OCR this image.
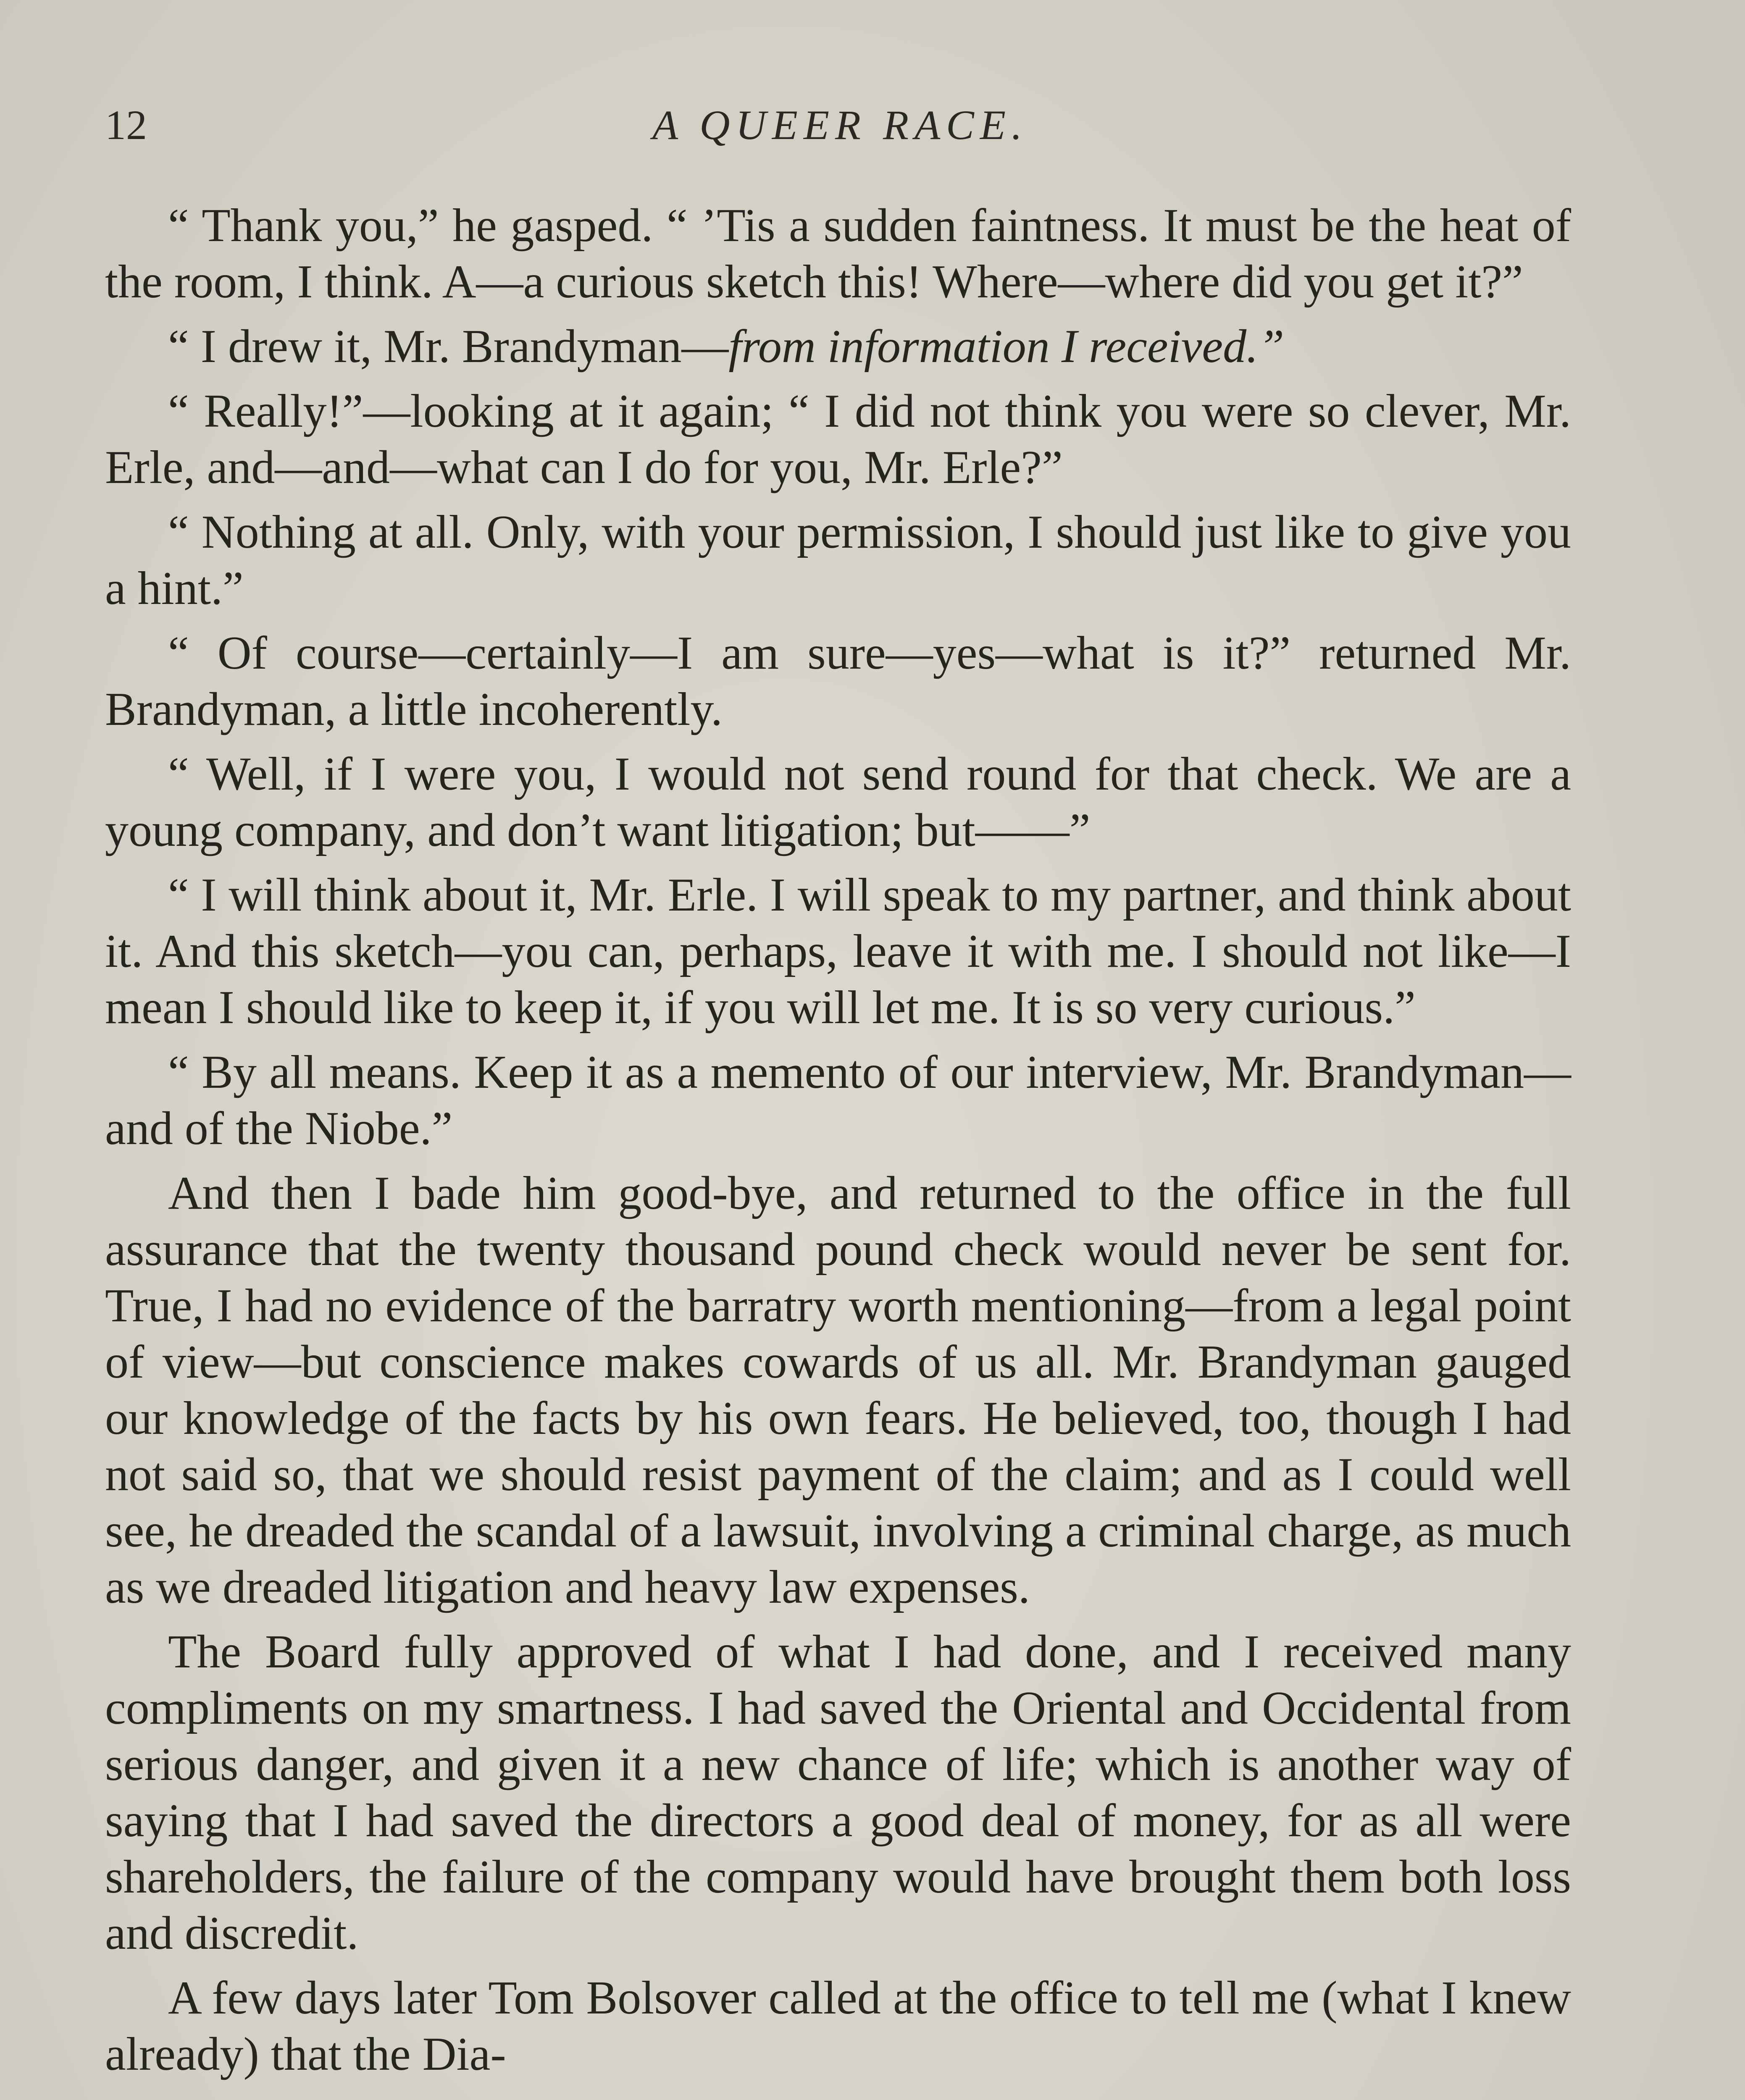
12	A QUEER RACE.

“ Thank you,” he gasped. “ ’Tis a sudden faintness. It must be the heat of the room, I think. A—a curious sketch this! Where—where did you get it?”

“ I drew it, Mr. Brandyman—from information I received.”

“ Really!”—looking at it again; “ I did not think you were so clever, Mr. Erle, and—and—what can I do for you, Mr. Erle?”

“ Nothing at all. Only, with your permission, I should just like to give you a hint.”

“ Of course—certainly—I am sure—yes—what is it?” returned Mr. Brandyman, a little incoherently.

“ Well, if I were you, I would not send round for that check. We are a young company, and don’t want litigation; but——”

“ I will think about it, Mr. Erle. I will speak to my partner, and think about it. And this sketch—you can, perhaps, leave it with me. I should not like—I mean I should like to keep it, if you will let me. It is so very curious.”

“ By all means. Keep it as a memento of our interview, Mr. Brandyman—and of the Niobe.”

And then I bade him good-bye, and returned to the office in the full assurance that the twenty thousand pound check would never be sent for. True, I had no evidence of the barratry worth mentioning—from a legal point of view—but conscience makes cowards of us all. Mr. Brandyman gauged our knowledge of the facts by his own fears. He believed, too, though I had not said so, that we should resist payment of the claim; and as I could well see, he dreaded the scandal of a lawsuit, involving a criminal charge, as much as we dreaded litigation and heavy law expenses.

The Board fully approved of what I had done, and I received many compliments on my smartness. I had saved the Oriental and Occidental from serious danger, and given it a new chance of life; which is another way of saying that I had saved the directors a good deal of money, for as all were shareholders, the failure of the company would have brought them both loss and discredit.

A few days later Tom Bolsover called at the office to tell me (what I knew already) that the Dia-
